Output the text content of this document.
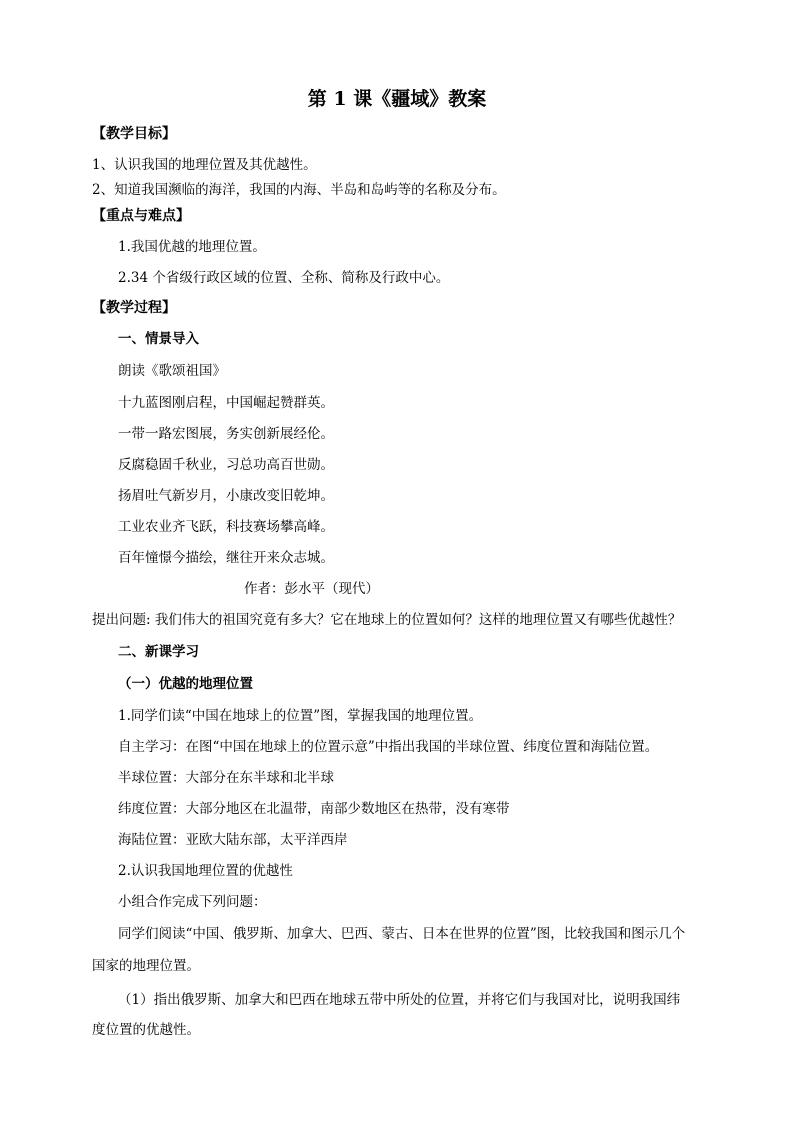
第 1 课《疆域》教案
【教学目标】
1、认识我国的地理位置及其优越性。
2、知道我国濒临的海洋，我国的内海、半岛和岛屿等的名称及分布。
【重点与难点】
1.我国优越的地理位置。
2.34 个省级行政区域的位置、全称、简称及行政中心。
【教学过程】
一、情景导入
朗读《歌颂祖国》
十九蓝图刚启程，中国崛起赞群英。
一带一路宏图展，务实创新展经伦。
反腐稳固千秋业，习总功高百世勋。
扬眉吐气新岁月，小康改变旧乾坤。
工业农业齐飞跃，科技赛场攀高峰。
百年憧憬今描绘，继往开来众志城。
作者：彭水平（现代）
提出问题: 我们伟大的祖国究竟有多大？它在地球上的位置如何？这样的地理位置又有哪些优越性？
二、新课学习
（一）优越的地理位置
1.同学们读“中国在地球上的位置”图，掌握我国的地理位置。
自主学习：在图“中国在地球上的位置示意”中指出我国的半球位置、纬度位置和海陆位置。
半球位置：大部分在东半球和北半球
纬度位置：大部分地区在北温带，南部少数地区在热带，没有寒带
海陆位置：亚欧大陆东部，太平洋西岸
2.认识我国地理位置的优越性
小组合作完成下列问题：
同学们阅读“中国、俄罗斯、加拿大、巴西、蒙古、日本在世界的位置”图，比较我国和图示几个
国家的地理位置。
（1）指出俄罗斯、加拿大和巴西在地球五带中所处的位置，并将它们与我国对比，说明我国纬
度位置的优越性。
